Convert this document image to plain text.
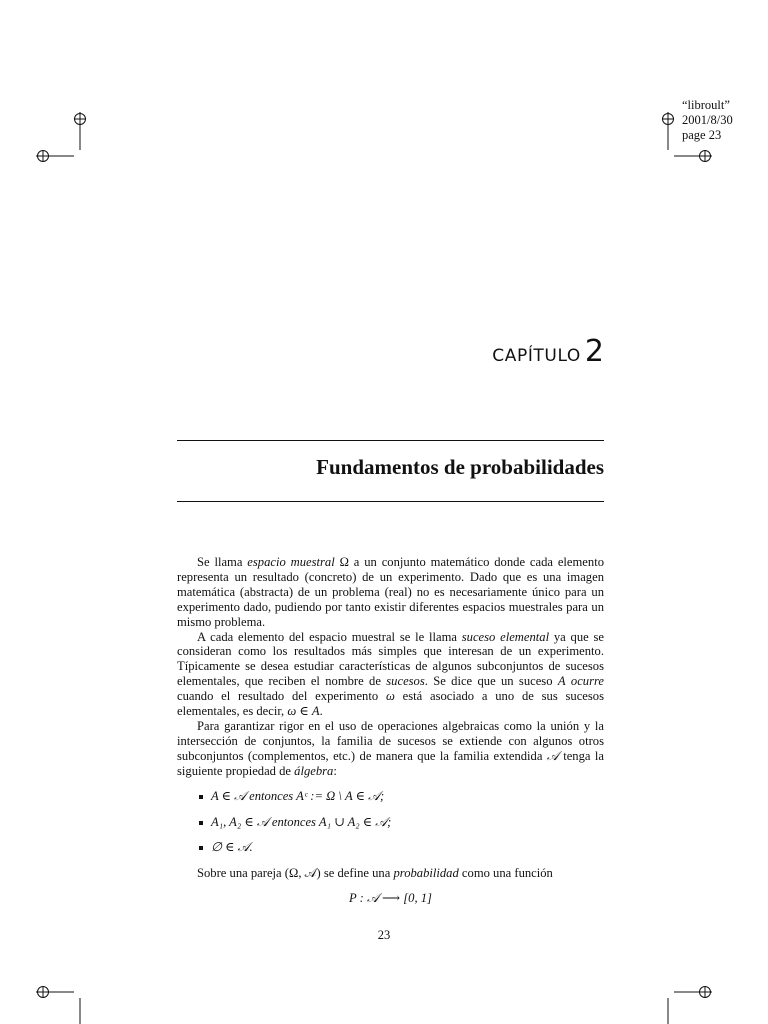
“libroult”
2001/8/30
page 23
CAPÍTULO 2
Fundamentos de probabilidades

Se llama espacio muestral Ω a un conjunto matemático donde cada elemento representa un resultado (concreto) de un experimento. Dado que es una imagen matemática (abstracta) de un problema (real) no es necesariamente único para un experimento dado, pudiendo por tanto existir diferentes espacios muestrales para un mismo problema.

A cada elemento del espacio muestral se le llama suceso elemental ya que se consideran como los resultados más simples que interesan de un experimento. Típicamente se desea estudiar características de algunos subconjuntos de sucesos elementales, que reciben el nombre de sucesos. Se dice que un suceso A ocurre cuando el resultado del experimento ω está asociado a uno de sus sucesos elementales, es decir, ω ∈ A.

Para garantizar rigor en el uso de operaciones algebraicas como la unión y la intersección de conjuntos, la familia de sucesos se extiende con algunos otros subconjuntos (complementos, etc.) de manera que la familia extendida 𝒜 tenga la siguiente propiedad de álgebra:

A ∈ 𝒜 entonces Aᶜ := Ω \ A ∈ 𝒜;
A₁, A₂ ∈ 𝒜 entonces A₁ ∪ A₂ ∈ 𝒜;
∅ ∈ 𝒜.

Sobre una pareja (Ω, 𝒜) se define una probabilidad como una función

P : 𝒜 ⟶ [0, 1]
23
